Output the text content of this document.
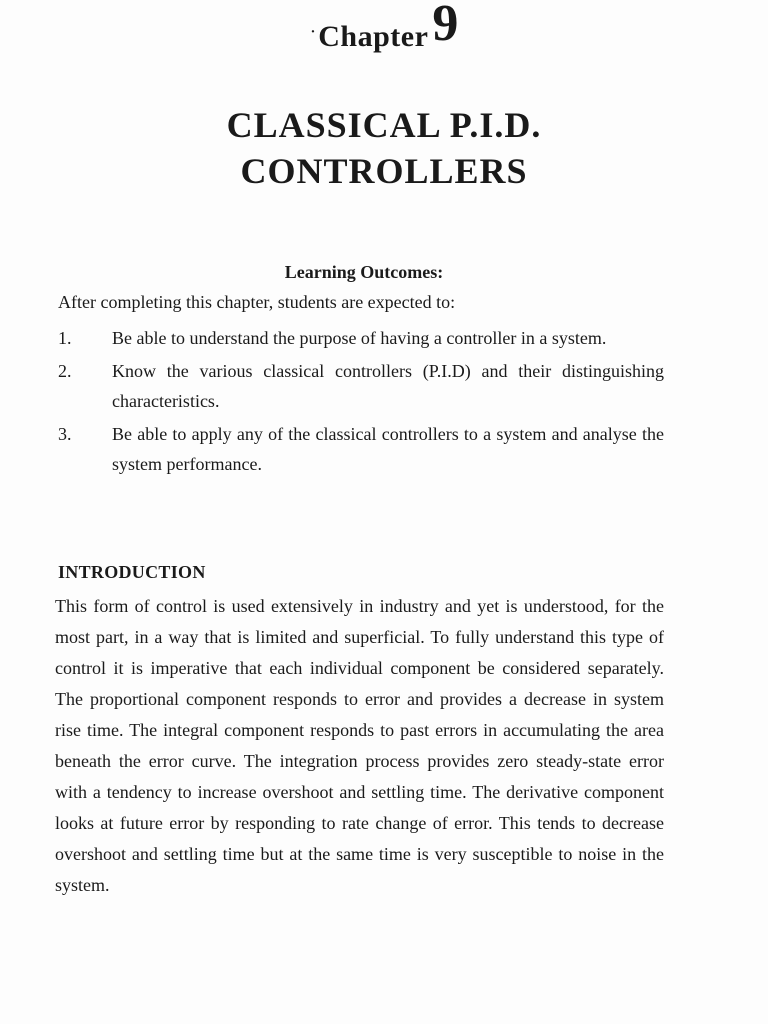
·Chapter9
CLASSICAL P.I.D.
CONTROLLERS
Learning Outcomes:
After completing this chapter, students are expected to:
1. Be able to understand the purpose of having a controller in a system.
2. Know the various classical controllers (P.I.D) and their distinguishing characteristics.
3. Be able to apply any of the classical controllers to a system and analyse the system performance.
INTRODUCTION

This form of control is used extensively in industry and yet is understood, for the most part, in a way that is limited and superficial. To fully understand this type of control it is imperative that each individual component be considered separately. The proportional component responds to error and provides a decrease in system rise time. The integral component responds to past errors in accumulating the area beneath the error curve. The integration process provides zero steady-state error with a tendency to increase overshoot and settling time. The derivative component looks at future error by responding to rate change of error. This tends to decrease overshoot and settling time but at the same time is very susceptible to noise in the system.
